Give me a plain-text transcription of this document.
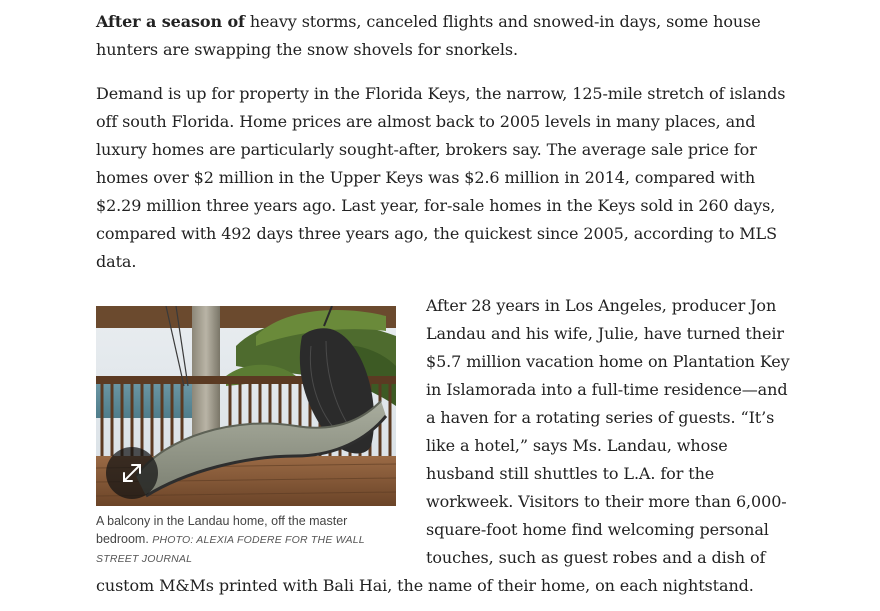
After a season of heavy storms, canceled flights and snowed-in days, some house hunters are swapping the snow shovels for snorkels.

Demand is up for property in the Florida Keys, the narrow, 125-mile stretch of islands off south Florida. Home prices are almost back to 2005 levels in many places, and luxury homes are particularly sought-after, brokers say. The average sale price for homes over $2 million in the Upper Keys was $2.6 million in 2014, compared with $2.29 million three years ago. Last year, for-sale homes in the Keys sold in 260 days, compared with 492 days three years ago, the quickest since 2005, according to MLS data.

A balcony in the Landau home, off the master bedroom. PHOTO: ALEXIA FODERE FOR THE WALL STREET JOURNAL

After 28 years in Los Angeles, producer Jon Landau and his wife, Julie, have turned their $5.7 million vacation home on Plantation Key in Islamorada into a full-time residence—and a haven for a rotating series of guests. “It’s like a hotel,” says Ms. Landau, whose husband still shuttles to L.A. for the workweek. Visitors to their more than 6,000-square-foot home find welcoming personal touches, such as guest robes and a dish of custom M&Ms printed with Bali Hai, the name of their home, on each nightstand.
